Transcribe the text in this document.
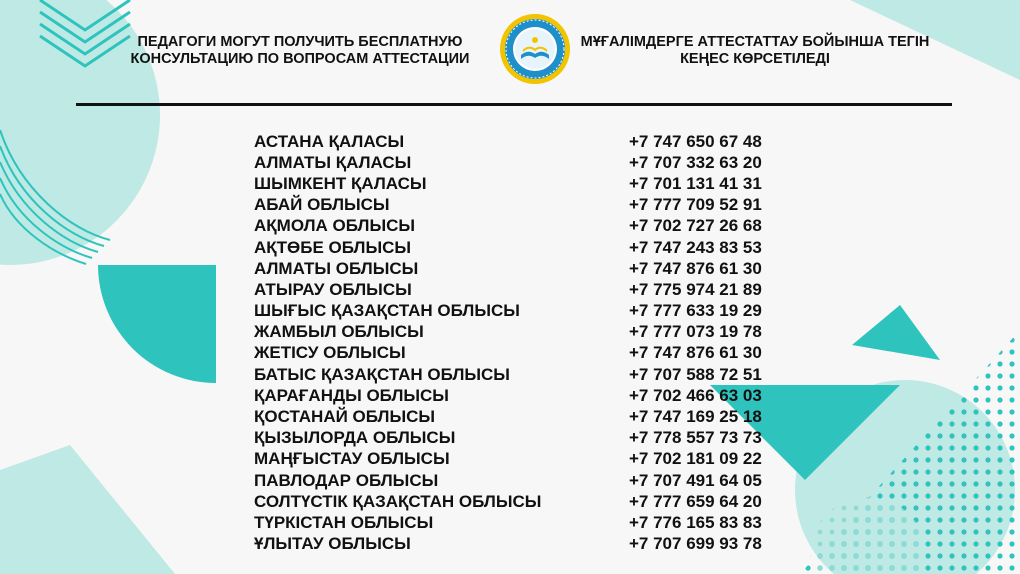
ПЕДАГОГИ МОГУТ ПОЛУЧИТЬ БЕСПЛАТНУЮ КОНСУЛЬТАЦИЮ ПО ВОПРОСАМ АТТЕСТАЦИИ
МҰҒАЛІМДЕРГЕ АТТЕСТАТТАУ БОЙЫНША ТЕГІН КЕҢЕС КӨРСЕТІЛЕДІ
АСТАНА ҚАЛАСЫ	+7 747 650 67 48
АЛМАТЫ ҚАЛАСЫ	+7 707 332 63 20
ШЫМКЕНТ ҚАЛАСЫ	+7 701 131 41 31
АБАЙ ОБЛЫСЫ	+7 777 709 52 91
АҚМОЛА ОБЛЫСЫ	+7 702 727 26 68
АҚТӨБЕ ОБЛЫСЫ	+7 747 243 83 53
АЛМАТЫ ОБЛЫСЫ	+7 747 876 61 30
АТЫРАУ ОБЛЫСЫ	+7 775 974 21 89
ШЫҒЫС ҚАЗАҚСТАН ОБЛЫСЫ	+7 777 633 19 29
ЖАМБЫЛ ОБЛЫСЫ	+7 777 073 19 78
ЖЕТІСУ ОБЛЫСЫ	+7 747 876 61 30
БАТЫС ҚАЗАҚСТАН ОБЛЫСЫ	+7 707 588 72 51
ҚАРАҒАНДЫ ОБЛЫСЫ	+7 702 466 63 03
ҚОСТАНАЙ ОБЛЫСЫ	+7 747 169 25 18
ҚЫЗЫЛОРДА ОБЛЫСЫ	+7 778 557 73 73
МАҢҒЫСТАУ ОБЛЫСЫ	+7 702 181 09 22
ПАВЛОДАР ОБЛЫСЫ	+7 707 491 64 05
СОЛТҮСТІК ҚАЗАҚСТАН ОБЛЫСЫ	+7 777 659 64 20
ТҮРКІСТАН ОБЛЫСЫ	+7 776 165 83 83
ҰЛЫТАУ ОБЛЫСЫ	+7 707 699 93 78
